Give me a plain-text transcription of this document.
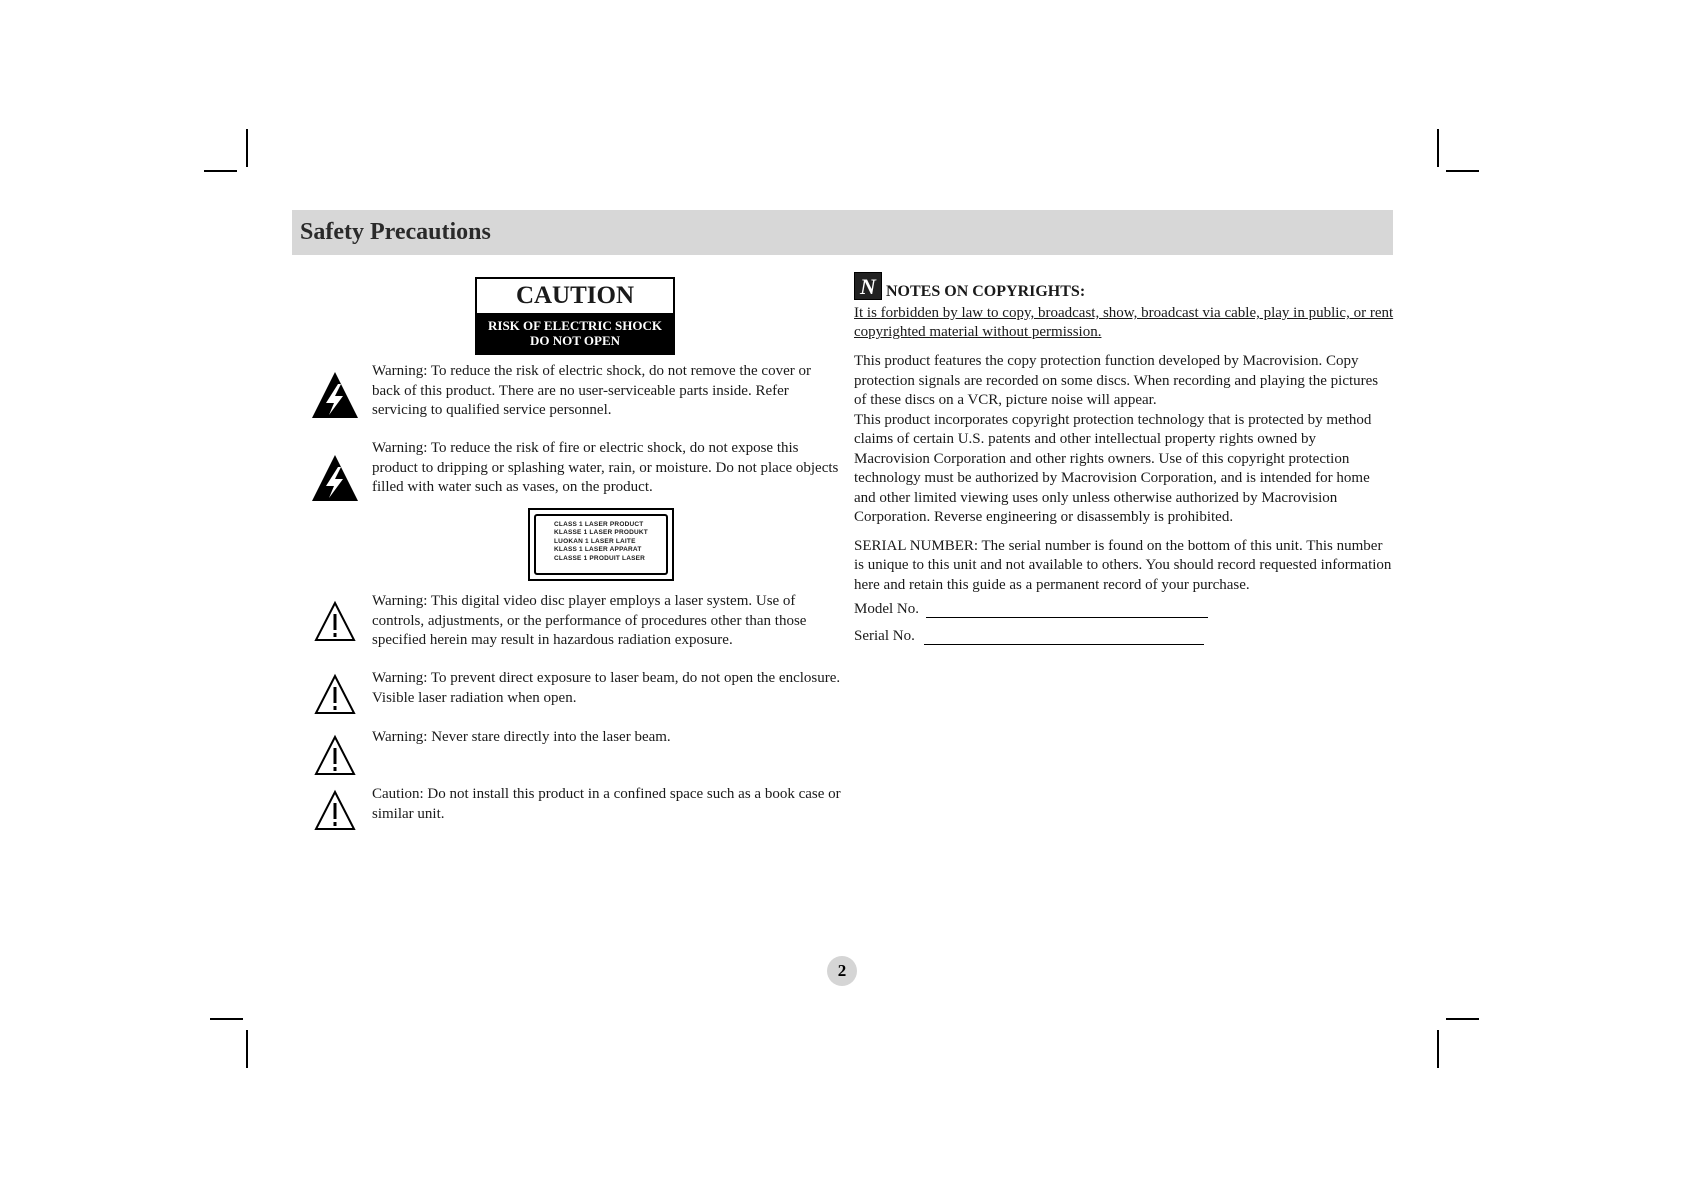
Safety Precautions
CAUTION
RISK OF ELECTRIC SHOCK
DO NOT OPEN
Warning: To reduce the risk of electric shock, do not remove the cover or back of this product. There are no user-serviceable parts inside. Refer servicing to qualified service personnel.
Warning: To reduce the risk of fire or electric shock, do not expose this product to dripping or splashing water, rain, or moisture. Do not place objects filled with water such as vases, on the product.
CLASS 1 LASER PRODUCT
KLASSE 1 LASER PRODUKT
LUOKAN 1 LASER LAITE
KLASS 1 LASER APPARAT
CLASSE 1 PRODUIT LASER
Warning: This digital video disc player employs a laser system. Use of controls, adjustments, or the performance of procedures other than those specified herein may result in hazardous radiation exposure.
Warning: To prevent direct exposure to laser beam, do not open the enclosure. Visible laser radiation when open.
Warning: Never stare directly into the laser beam.
Caution: Do not install this product in a confined space such as a book case or similar unit.
N NOTES ON COPYRIGHTS:

It is forbidden by law to copy, broadcast, show, broadcast via cable, play in public, or rent copyrighted material without permission.

This product features the copy protection function developed by Macrovision. Copy protection signals are recorded on some discs. When recording and playing the pictures of these discs on a VCR, picture noise will appear.

This product incorporates copyright protection technology that is protected by method claims of certain U.S. patents and other intellectual property rights owned by Macrovision Corporation and other rights owners. Use of this copyright protection technology must be authorized by Macrovision Corporation, and is intended for home and other limited viewing uses only unless otherwise authorized by Macrovision Corporation. Reverse engineering or disassembly is prohibited.

SERIAL NUMBER: The serial number is found on the bottom of this unit. This number is unique to this unit and not available to others. You should record requested information here and retain this guide as a permanent record of your purchase.

Model No.
Serial No.
2
